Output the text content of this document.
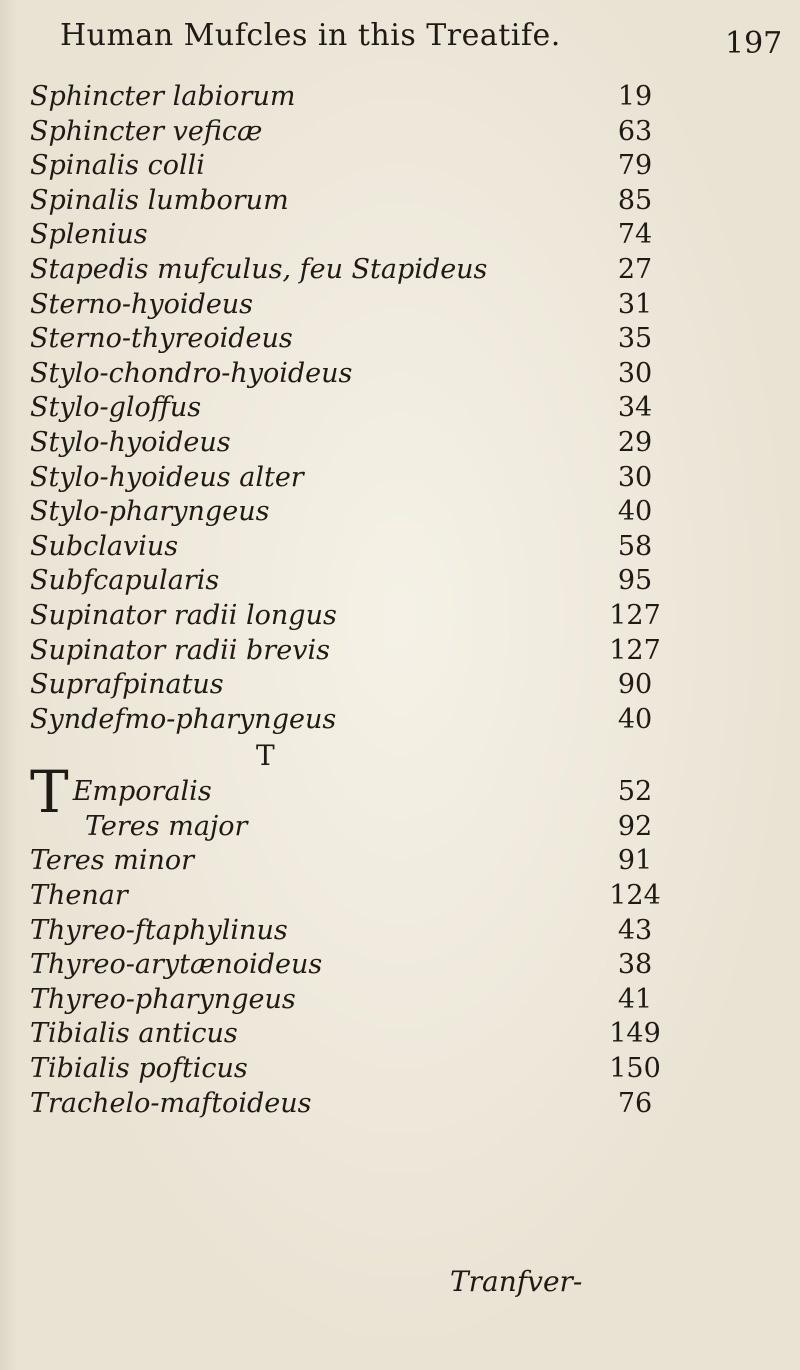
Human Mufcles in this Treatife.	197
Sphincter labiorum	19
Sphincter veficæ	63
Spinalis colli	79
Spinalis lumborum	85
Splenius	74
Stapedis mufculus, feu Stapideus	27
Sterno-hyoideus	31
Sterno-thyreoideus	35
Stylo-chondro-hyoideus	30
Stylo-gloffus	34
Stylo-hyoideus	29
Stylo-hyoideus alter	30
Stylo-pharyngeus	40
Subclavius	58
Subfcapularis	95
Supinator radii longus	127
Supinator radii brevis	127
Suprafpinatus	90
Syndefmo-pharyngeus	40
T
T Emporalis	52
Teres major	92
Teres minor	91
Thenar	124
Thyreo-ftaphylinus	43
Thyreo-arytænoideus	38
Thyreo-pharyngeus	41
Tibialis anticus	149
Tibialis pofticus	150
Trachelo-maftoideus	76
Tranfver-
